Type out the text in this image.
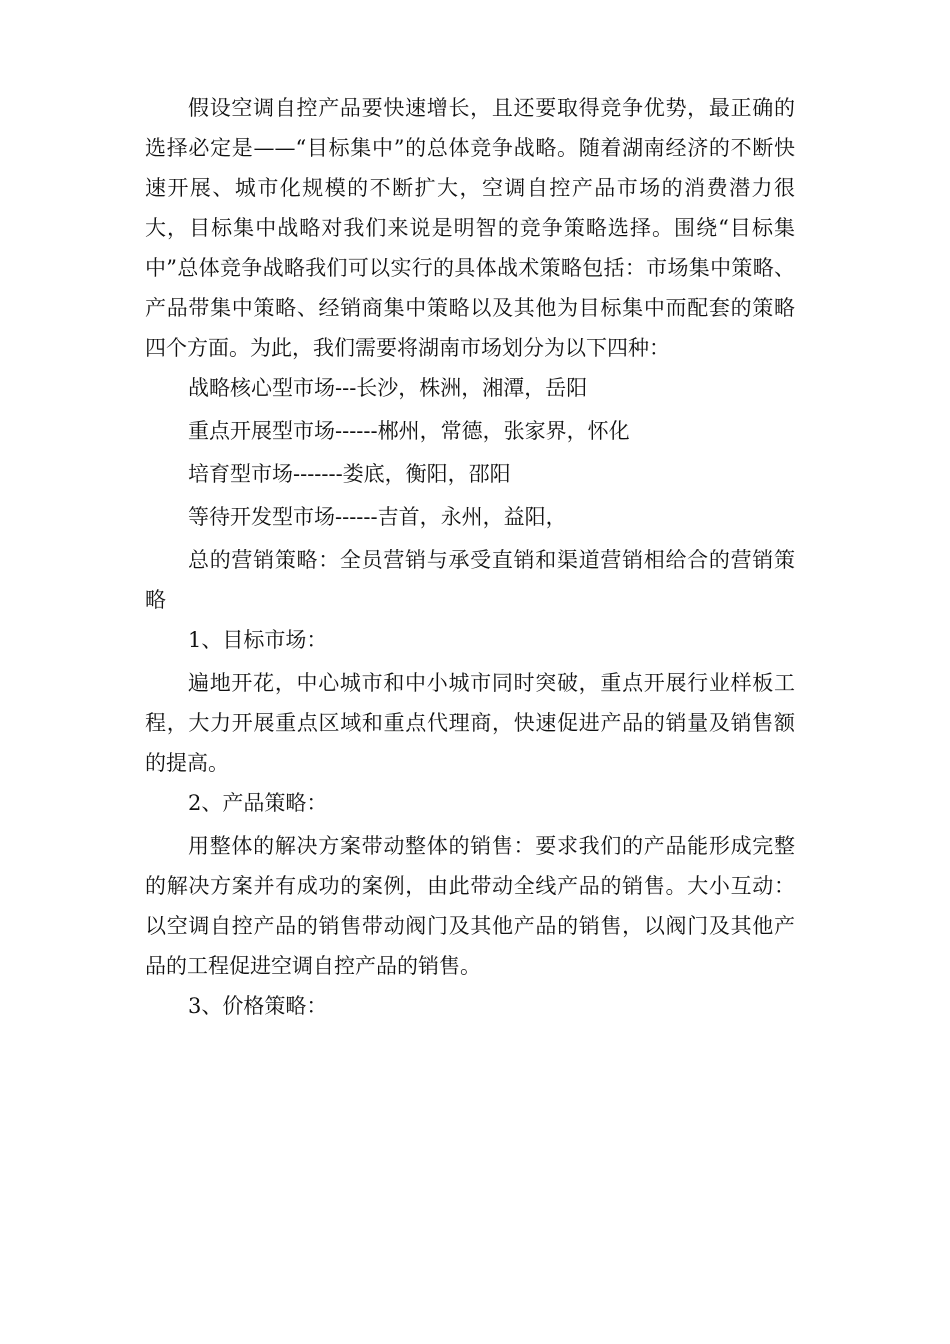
假设空调自控产品要快速增长，且还要取得竞争优势，最正确的选择必定是——“目标集中”的总体竞争战略。随着湖南经济的不断快速开展、城市化规模的不断扩大，空调自控产品市场的消费潜力很大，目标集中战略对我们来说是明智的竞争策略选择。围绕“目标集中”总体竞争战略我们可以实行的具体战术策略包括：市场集中策略、产品带集中策略、经销商集中策略以及其他为目标集中而配套的策略四个方面。为此，我们需要将湖南市场划分为以下四种：

战略核心型市场---长沙，株洲，湘潭，岳阳

重点开展型市场------郴州，常德，张家界，怀化

培育型市场-------娄底，衡阳，邵阳

等待开发型市场------吉首，永州，益阳，

总的营销策略：全员营销与承受直销和渠道营销相给合的营销策略

1、目标市场：

遍地开花，中心城市和中小城市同时突破，重点开展行业样板工程，大力开展重点区域和重点代理商，快速促进产品的销量及销售额的提高。

2、产品策略：

用整体的解决方案带动整体的销售：要求我们的产品能形成完整的解决方案并有成功的案例，由此带动全线产品的销售。大小互动：以空调自控产品的销售带动阀门及其他产品的销售，以阀门及其他产品的工程促进空调自控产品的销售。

3、价格策略：
